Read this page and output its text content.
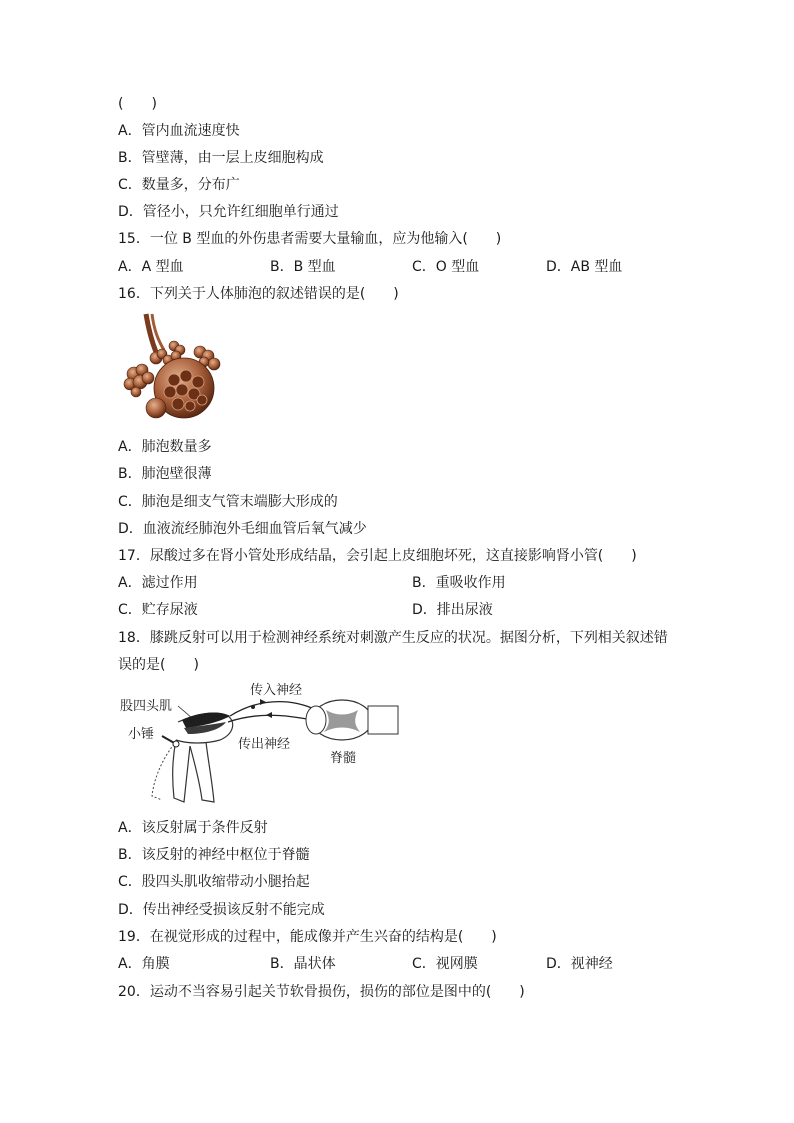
(　　)
A．管内血流速度快
B．管壁薄，由一层上皮细胞构成
C．数量多，分布广
D．管径小，只允许红细胞单行通过
15．一位 B 型血的外伤患者需要大量输血，应为他输入(　　)
A．A 型血	B．B 型血	C．O 型血	D．AB 型血
16．下列关于人体肺泡的叙述错误的是(　　)
A．肺泡数量多
B．肺泡壁很薄
C．肺泡是细支气管末端膨大形成的
D．血液流经肺泡外毛细血管后氧气减少
17．尿酸过多在肾小管处形成结晶，会引起上皮细胞坏死，这直接影响肾小管(　　)
A．滤过作用	B．重吸收作用
C．贮存尿液	D．排出尿液
18．膝跳反射可以用于检测神经系统对刺激产生反应的状况。据图分析，下列相关叙述错
误的是(　　)
股四头肌
小锤
传入神经
传出神经
脊髓
A．该反射属于条件反射
B．该反射的神经中枢位于脊髓
C．股四头肌收缩带动小腿抬起
D．传出神经受损该反射不能完成
19．在视觉形成的过程中，能成像并产生兴奋的结构是(　　)
A．角膜	B．晶状体	C．视网膜	D．视神经
20．运动不当容易引起关节软骨损伤，损伤的部位是图中的(　　)
